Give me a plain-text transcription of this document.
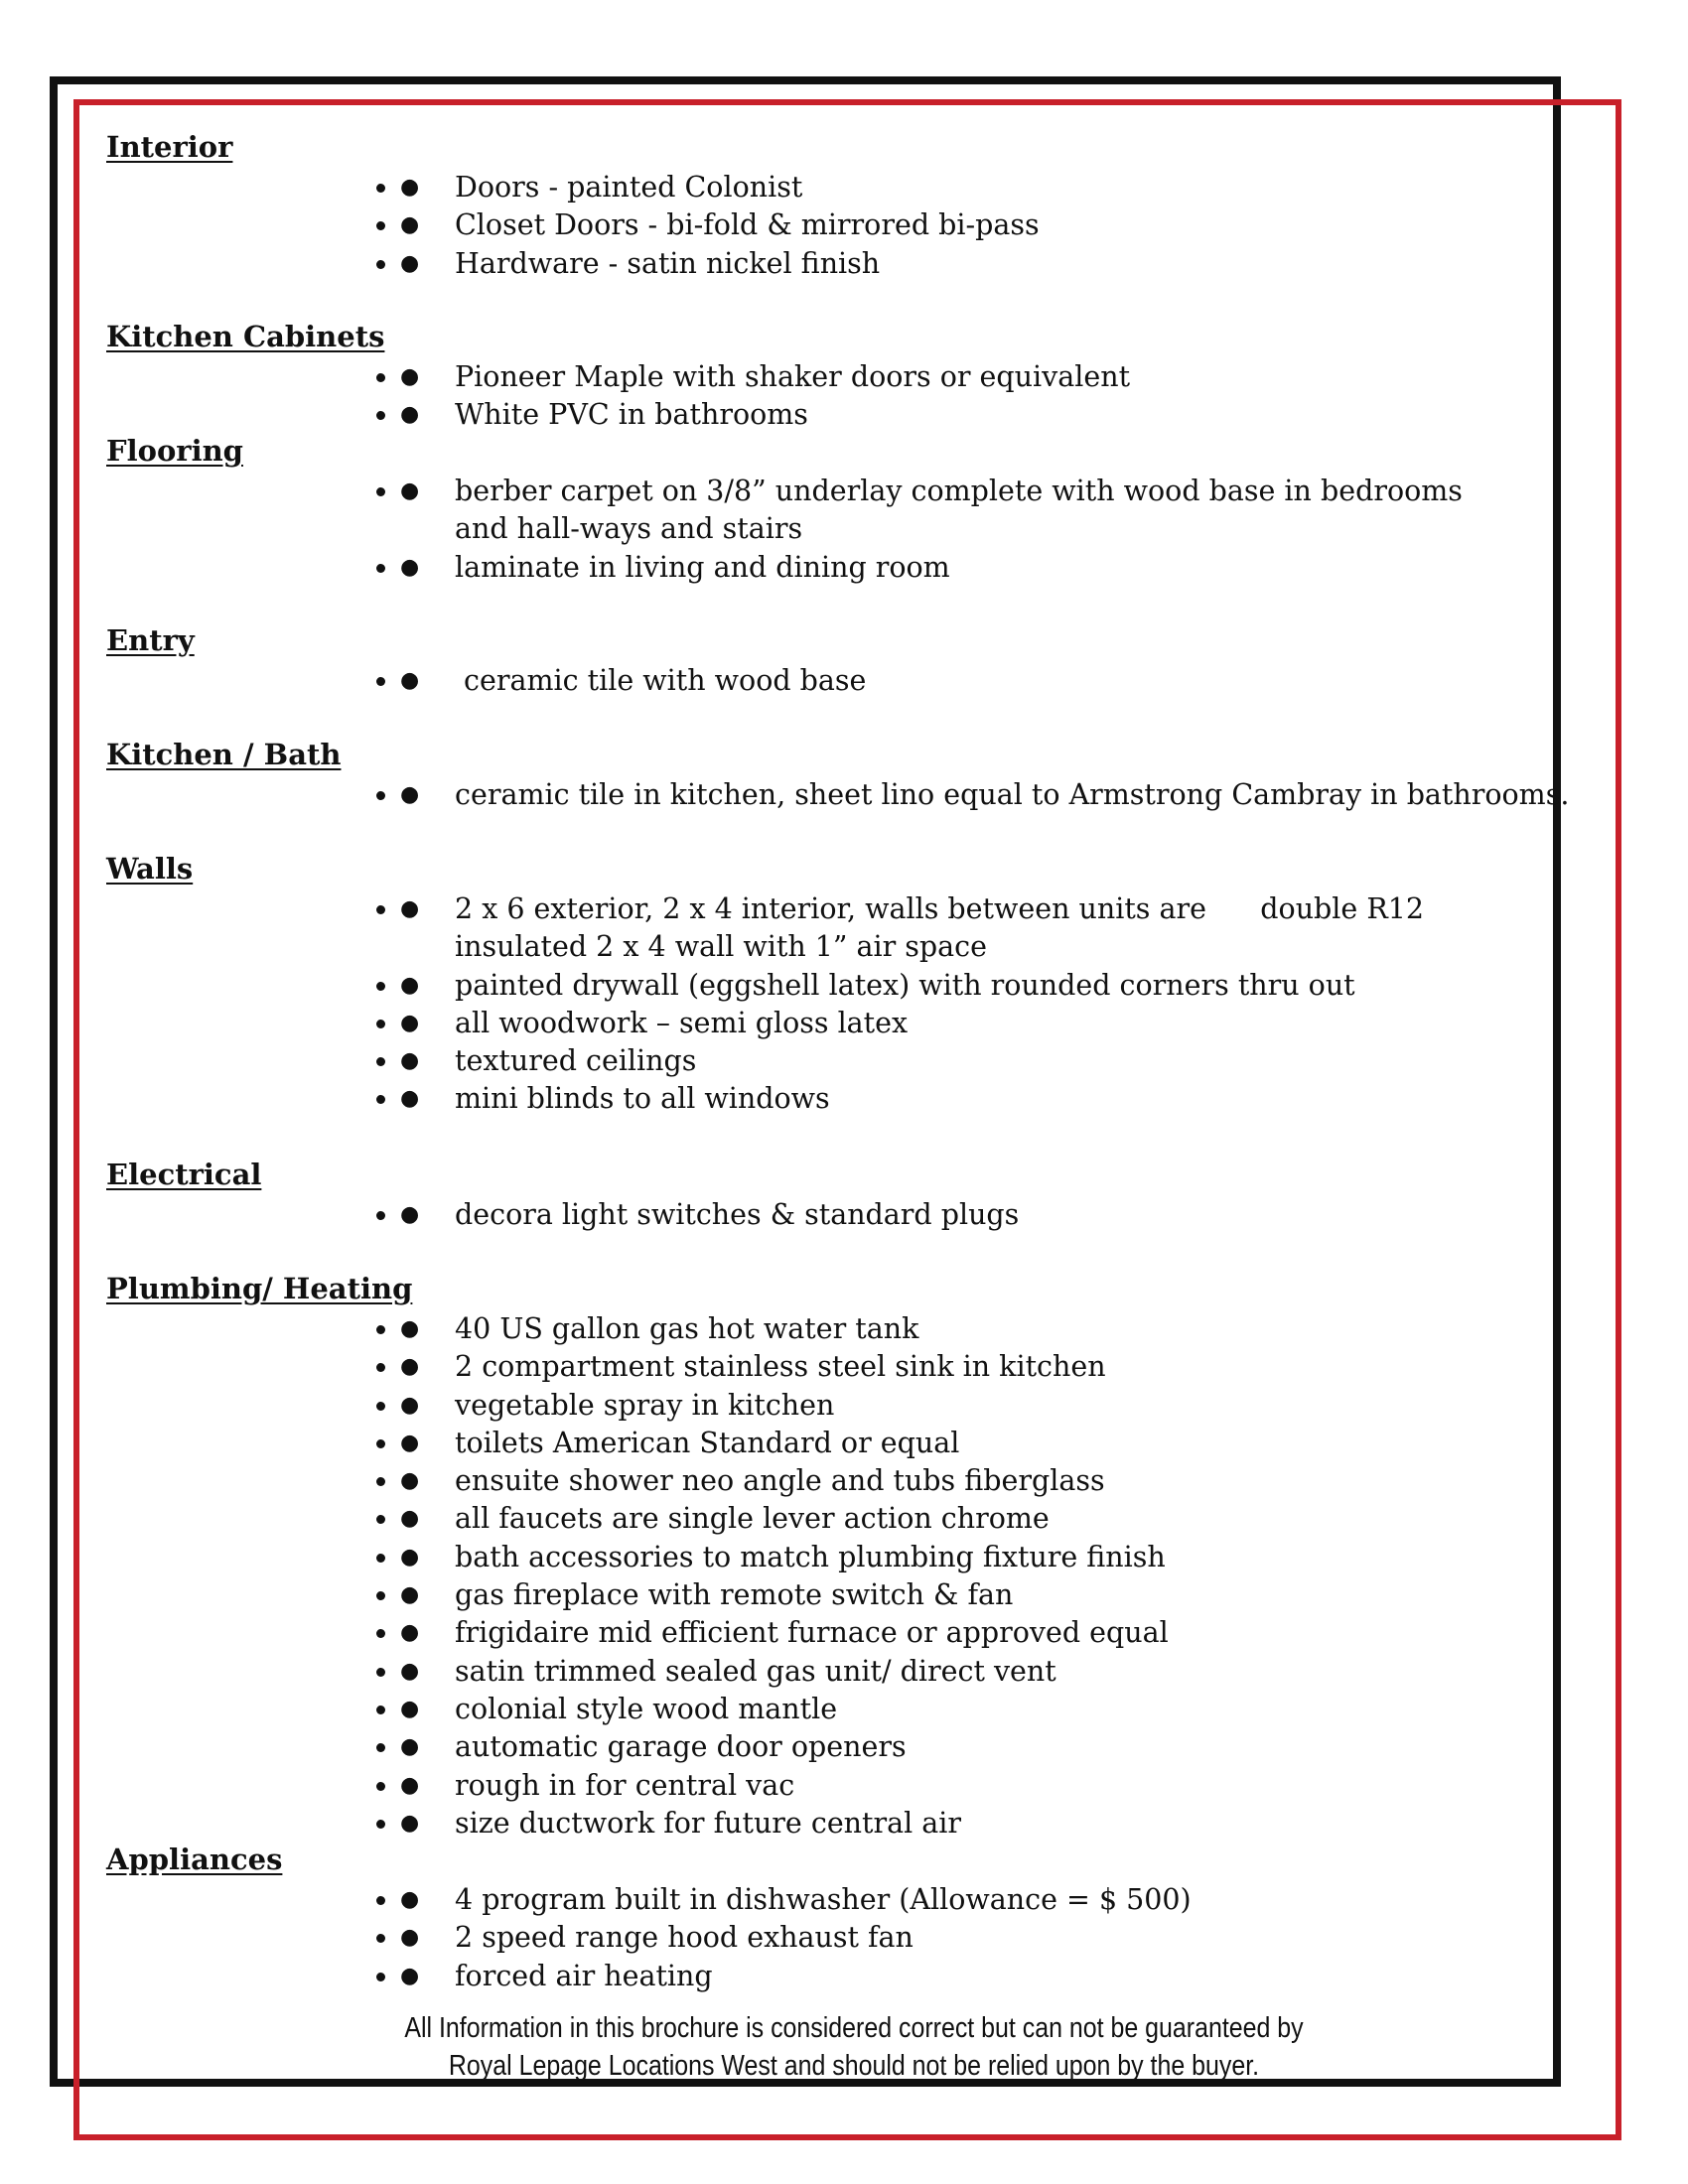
Interior
• ● Doors - painted Colonist
• ● Closet Doors - bi-fold & mirrored bi-pass
• ● Hardware - satin nickel finish
Kitchen Cabinets
• ● Pioneer Maple with shaker doors or equivalent
• ● White PVC in bathrooms
Flooring
• ● berber carpet on 3/8” underlay complete with wood base in bedrooms and hall-ways and stairs
• ● laminate in living and dining room
Entry
• ● ceramic tile with wood base
Kitchen / Bath
• ● ceramic tile in kitchen, sheet lino equal to Armstrong Cambray in bathrooms.
Walls
• ● 2 x 6 exterior, 2 x 4 interior, walls between units are      double R12 insulated 2 x 4 wall with 1” air space
• ● painted drywall (eggshell latex) with rounded corners thru out
• ● all woodwork – semi gloss latex
• ● textured ceilings
• ● mini blinds to all windows
Electrical
• ● decora light switches & standard plugs
Plumbing/ Heating
• ● 40 US gallon gas hot water tank
• ● 2 compartment stainless steel sink in kitchen
• ● vegetable spray in kitchen
• ● toilets American Standard or equal
• ● ensuite shower neo angle and tubs fiberglass
• ● all faucets are single lever action chrome
• ● bath accessories to match plumbing fixture finish
• ● gas fireplace with remote switch & fan
• ● frigidaire mid efficient furnace or approved equal
• ● satin trimmed sealed gas unit/ direct vent
• ● colonial style wood mantle
• ● automatic garage door openers
• ● rough in for central vac
• ● size ductwork for future central air
Appliances
• ● 4 program built in dishwasher (Allowance = $ 500)
• ● 2 speed range hood exhaust fan
• ● forced air heating
All Information in this brochure is considered correct but can not be guaranteed by
Royal Lepage Locations West and should not be relied upon by the buyer.
